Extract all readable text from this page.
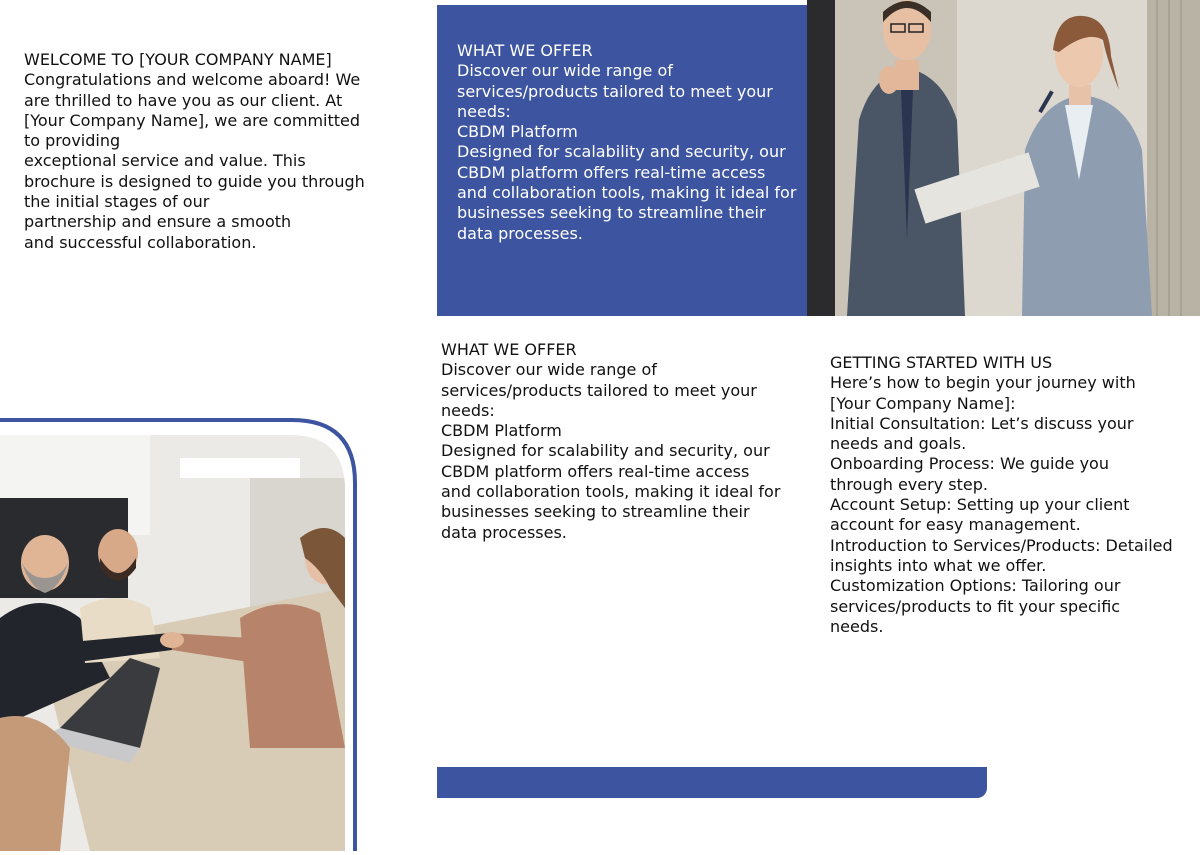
WELCOME TO [YOUR COMPANY NAME]
Congratulations and welcome aboard! We
are thrilled to have you as our client. At
[Your Company Name], we are committed
to providing
exceptional service and value. This
brochure is designed to guide you through
the initial stages of our
partnership and ensure a smooth
and successful collaboration.
WHAT WE OFFER
Discover our wide range of
services/products tailored to meet your
needs:
CBDM Platform
Designed for scalability and security, our
CBDM platform offers real-time access
and collaboration tools, making it ideal for
businesses seeking to streamline their
data processes.
WHAT WE OFFER
Discover our wide range of
services/products tailored to meet your
needs:
CBDM Platform
Designed for scalability and security, our
CBDM platform offers real-time access
and collaboration tools, making it ideal for
businesses seeking to streamline their
data processes.
GETTING STARTED WITH US
Here’s how to begin your journey with
[Your Company Name]:
Initial Consultation: Let’s discuss your
needs and goals.
Onboarding Process: We guide you
through every step.
Account Setup: Setting up your client
account for easy management.
Introduction to Services/Products: Detailed
insights into what we offer.
Customization Options: Tailoring our
services/products to fit your specific
needs.
